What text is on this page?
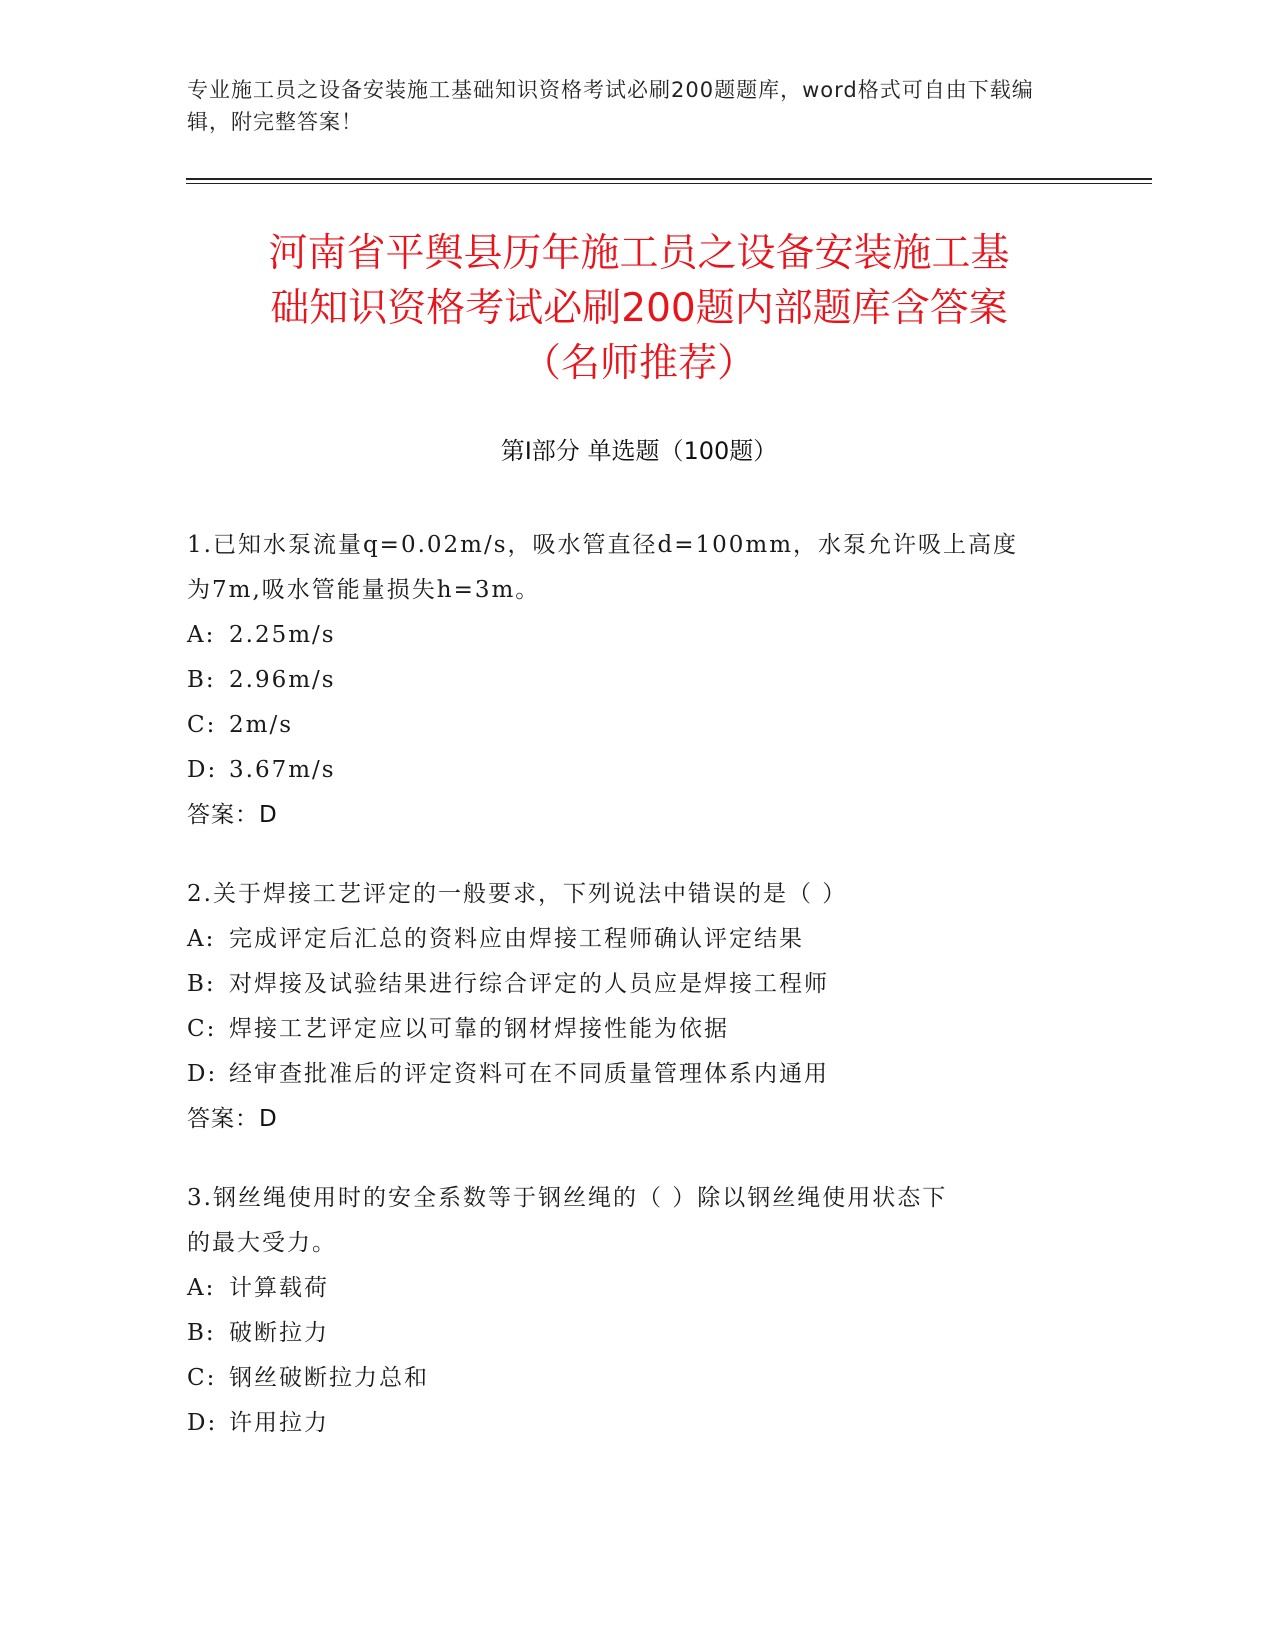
专业施工员之设备安装施工基础知识资格考试必刷200题题库，word格式可自由下载编辑，附完整答案！

河南省平舆县历年施工员之设备安装施工基
础知识资格考试必刷200题内部题库含答案
（名师推荐）
第Ⅰ部分 单选题（100题）

1.已知水泵流量q=0.02m/s，吸水管直径d=100mm，水泵允许吸上高度

为7m,吸水管能量损失h=3m。

A: 2.25m/s

B: 2.96m/s

C: 2m/s

D: 3.67m/s

答案：D

2.关于焊接工艺评定的一般要求，下列说法中错误的是（ ）

A: 完成评定后汇总的资料应由焊接工程师确认评定结果

B: 对焊接及试验结果进行综合评定的人员应是焊接工程师

C: 焊接工艺评定应以可靠的钢材焊接性能为依据

D: 经审查批准后的评定资料可在不同质量管理体系内通用

答案：D

3.钢丝绳使用时的安全系数等于钢丝绳的（ ）除以钢丝绳使用状态下

的最大受力。

A: 计算载荷

B: 破断拉力

C: 钢丝破断拉力总和

D: 许用拉力
